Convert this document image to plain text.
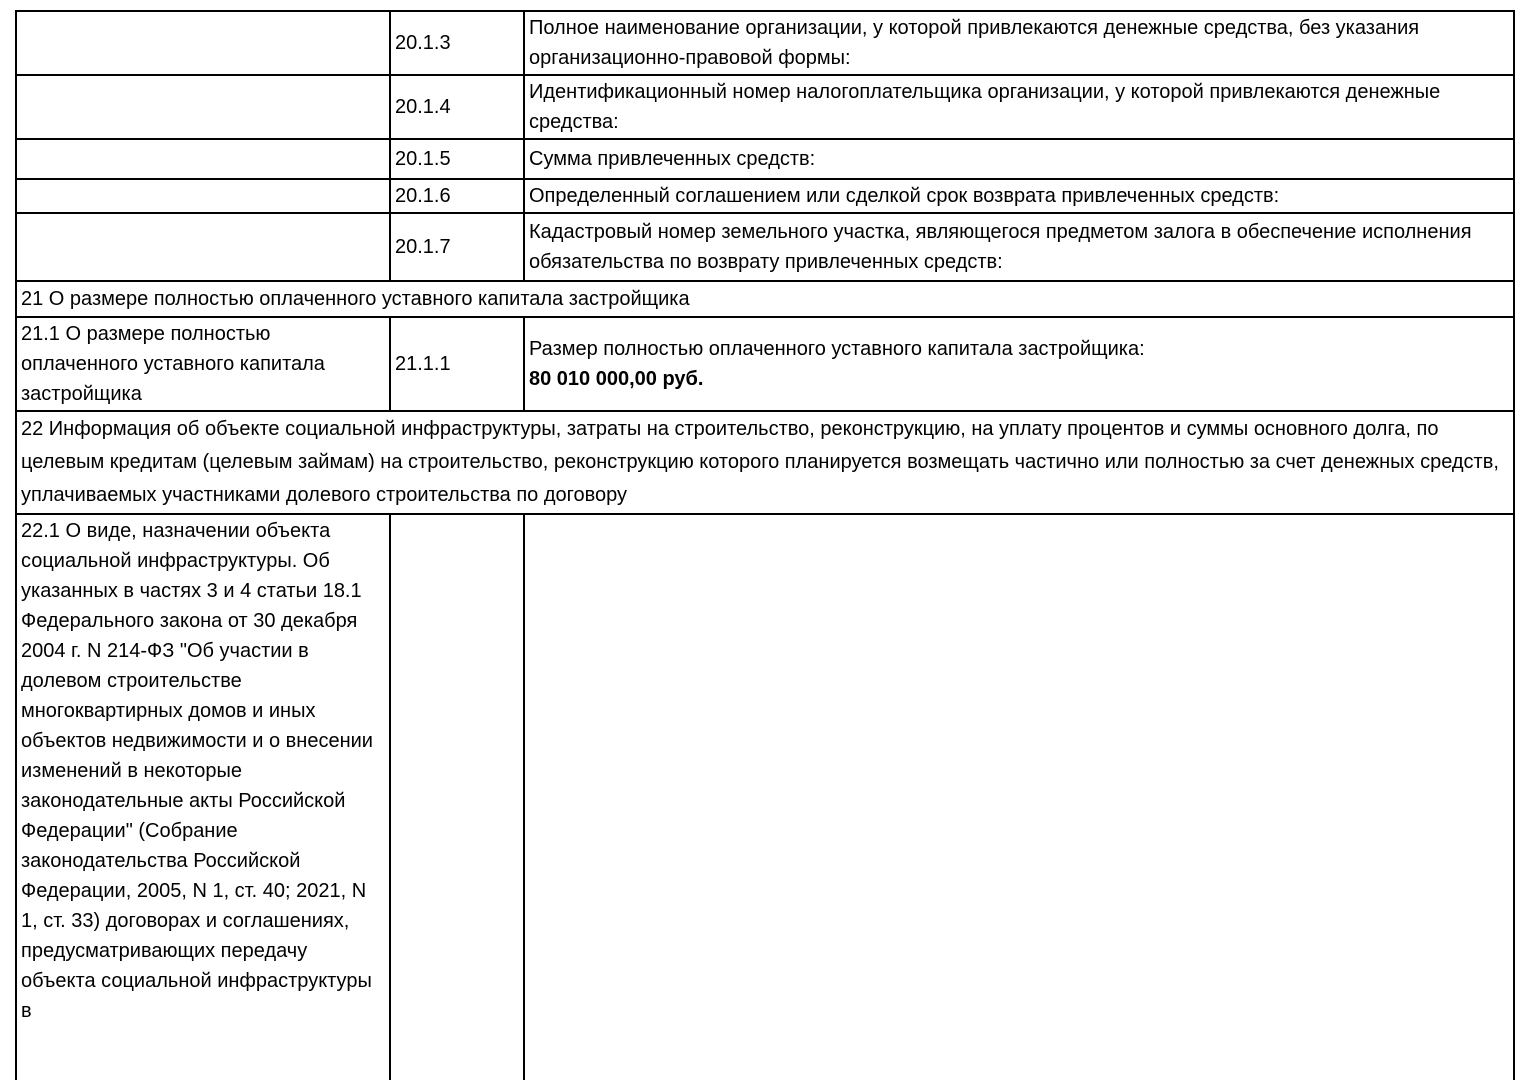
	20.1.3	Полное наименование организации, у которой привлекаются денежные средства, без указания организационно-правовой формы:
	20.1.4	Идентификационный номер налогоплательщика организации, у которой привлекаются денежные средства:
	20.1.5	Сумма привлеченных средств:
	20.1.6	Определенный соглашением или сделкой срок возврата привлеченных средств:
	20.1.7	Кадастровый номер земельного участка, являющегося предметом залога в обеспечение исполнения обязательства по возврату привлеченных средств:
21 О размере полностью оплаченного уставного капитала застройщика		
21.1 О размере полностью оплаченного уставного капитала застройщика	21.1.1	Размер полностью оплаченного уставного капитала застройщика:
80 010 000,00 руб.

22 Информация об объекте социальной инфраструктуры, затраты на строительство, реконструкцию, на уплату процентов и суммы основного долга, по целевым кредитам (целевым займам) на строительство, реконструкцию которого планируется возмещать частично или полностью за счет денежных средств, уплачиваемых участниками долевого строительства по договору		
22.1 О виде, назначении объекта социальной инфраструктуры. Об указанных в частях 3 и 4 статьи 18.1 Федерального закона от 30 декабря 2004 г. N 214-ФЗ "Об участии в долевом строительстве многоквартирных домов и иных объектов недвижимости и о внесении изменений в некоторые законодательные акты Российской Федерации" (Собрание законодательства Российской Федерации, 2005, N 1, ст. 40; 2021, N 1, ст. 33) договорах и соглашениях, предусматривающих передачу объекта социальной инфраструктуры в		
